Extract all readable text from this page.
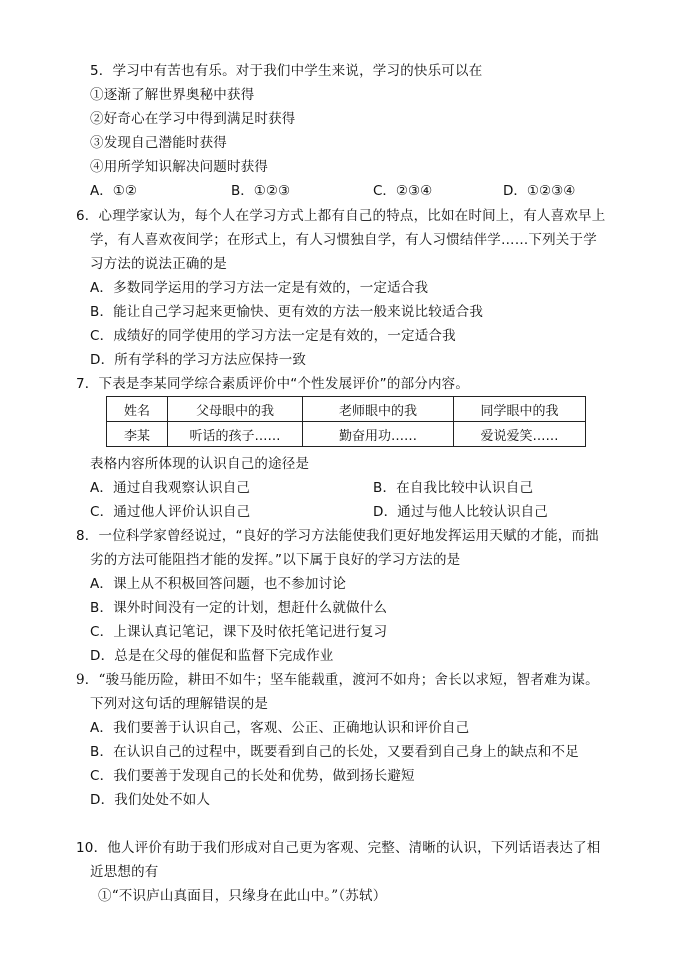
5．学习中有苦也有乐。对于我们中学生来说，学习的快乐可以在
①逐渐了解世界奥秘中获得
②好奇心在学习中得到满足时获得
③发现自己潜能时获得
④用所学知识解决问题时获得
A．①②	B．①②③	C．②③④	D．①②③④
6．心理学家认为，每个人在学习方式上都有自己的特点，比如在时间上，有人喜欢早上
学，有人喜欢夜间学；在形式上，有人习惯独自学，有人习惯结伴学……下列关于学
习方法的说法正确的是
A．多数同学运用的学习方法一定是有效的，一定适合我
B．能让自己学习起来更愉快、更有效的方法一般来说比较适合我
C．成绩好的同学使用的学习方法一定是有效的，一定适合我
D．所有学科的学习方法应保持一致
7．下表是李某同学综合素质评价中“个性发展评价”的部分内容。
姓名	父母眼中的我	老师眼中的我	同学眼中的我
李某	听话的孩子……	勤奋用功……	爱说爱笑……
表格内容所体现的认识自己的途径是
A．通过自我观察认识自己	B．在自我比较中认识自己
C．通过他人评价认识自己	D．通过与他人比较认识自己
8．一位科学家曾经说过，“良好的学习方法能使我们更好地发挥运用天赋的才能，而拙
劣的方法可能阻挡才能的发挥。”以下属于良好的学习方法的是
A．课上从不积极回答问题，也不参加讨论
B．课外时间没有一定的计划，想赶什么就做什么
C．上课认真记笔记，课下及时依托笔记进行复习
D．总是在父母的催促和监督下完成作业
9．“骏马能历险，耕田不如牛；坚车能载重，渡河不如舟；舍长以求短，智者难为谋。
下列对这句话的理解错误的是
A．我们要善于认识自己，客观、公正、正确地认识和评价自己
B．在认识自己的过程中，既要看到自己的长处，又要看到自己身上的缺点和不足
C．我们要善于发现自己的长处和优势，做到扬长避短
D．我们处处不如人
10．他人评价有助于我们形成对自己更为客观、完整、清晰的认识，下列话语表达了相
近思想的有
①“不识庐山真面目，只缘身在此山中。”（苏轼）
